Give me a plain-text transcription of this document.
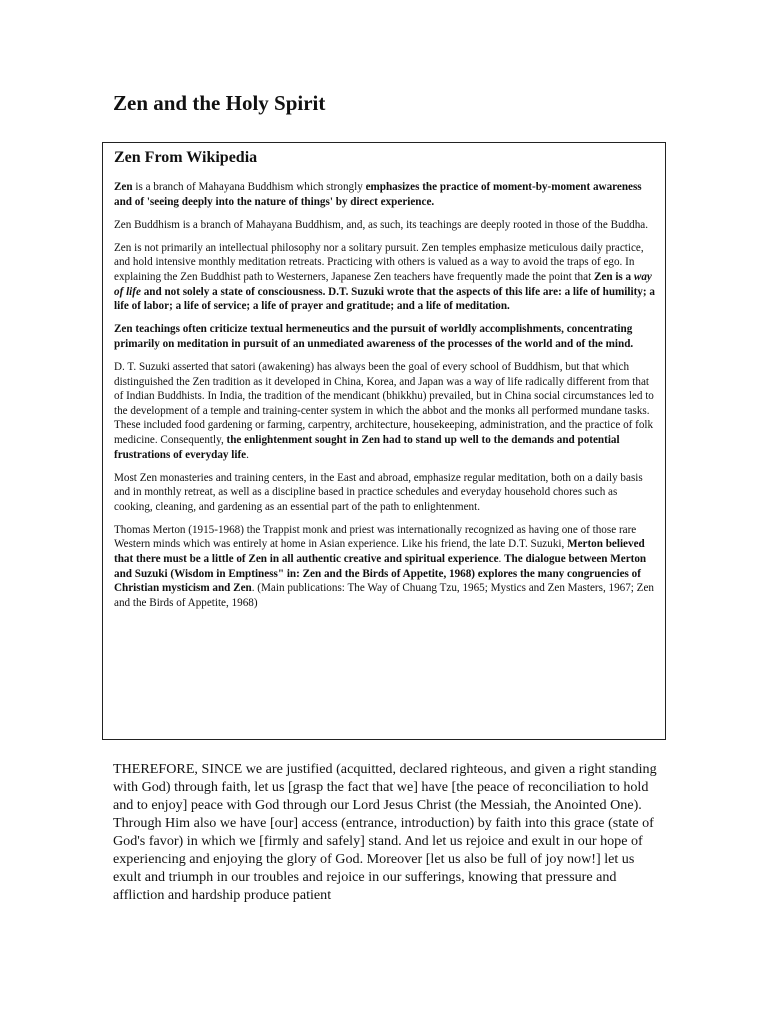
Zen and the Holy Spirit
Zen From Wikipedia

Zen is a branch of Mahayana Buddhism which strongly emphasizes the practice of moment-by-moment awareness and of 'seeing deeply into the nature of things' by direct experience.

Zen Buddhism is a branch of Mahayana Buddhism, and, as such, its teachings are deeply rooted in those of the Buddha.

Zen is not primarily an intellectual philosophy nor a solitary pursuit. Zen temples emphasize meticulous daily practice, and hold intensive monthly meditation retreats. Practicing with others is valued as a way to avoid the traps of ego. In explaining the Zen Buddhist path to Westerners, Japanese Zen teachers have frequently made the point that Zen is a way of life and not solely a state of consciousness. D.T. Suzuki wrote that the aspects of this life are: a life of humility; a life of labor; a life of service; a life of prayer and gratitude; and a life of meditation.

Zen teachings often criticize textual hermeneutics and the pursuit of worldly accomplishments, concentrating primarily on meditation in pursuit of an unmediated awareness of the processes of the world and of the mind.

D. T. Suzuki asserted that satori (awakening) has always been the goal of every school of Buddhism, but that which distinguished the Zen tradition as it developed in China, Korea, and Japan was a way of life radically different from that of Indian Buddhists. In India, the tradition of the mendicant (bhikkhu) prevailed, but in China social circumstances led to the development of a temple and training-center system in which the abbot and the monks all performed mundane tasks. These included food gardening or farming, carpentry, architecture, housekeeping, administration, and the practice of folk medicine. Consequently, the enlightenment sought in Zen had to stand up well to the demands and potential frustrations of everyday life.

Most Zen monasteries and training centers, in the East and abroad, emphasize regular meditation, both on a daily basis and in monthly retreat, as well as a discipline based in practice schedules and everyday household chores such as cooking, cleaning, and gardening as an essential part of the path to enlightenment.

Thomas Merton (1915-1968) the Trappist monk and priest was internationally recognized as having one of those rare Western minds which was entirely at home in Asian experience. Like his friend, the late D.T. Suzuki, Merton believed that there must be a little of Zen in all authentic creative and spiritual experience. The dialogue between Merton and Suzuki (Wisdom in Emptiness" in: Zen and the Birds of Appetite, 1968) explores the many congruencies of Christian mysticism and Zen. (Main publications: The Way of Chuang Tzu, 1965; Mystics and Zen Masters, 1967; Zen and the Birds of Appetite, 1968)

THEREFORE, SINCE we are justified (acquitted, declared righteous, and given a right standing with God) through faith, let us [grasp the fact that we] have [the peace of reconciliation to hold and to enjoy] peace with God through our Lord Jesus Christ (the Messiah, the Anointed One). Through Him also we have [our] access (entrance, introduction) by faith into this grace (state of God's favor) in which we [firmly and safely] stand. And let us rejoice and exult in our hope of experiencing and enjoying the glory of God. Moreover [let us also be full of joy now!] let us exult and triumph in our troubles and rejoice in our sufferings, knowing that pressure and affliction and hardship produce patient
